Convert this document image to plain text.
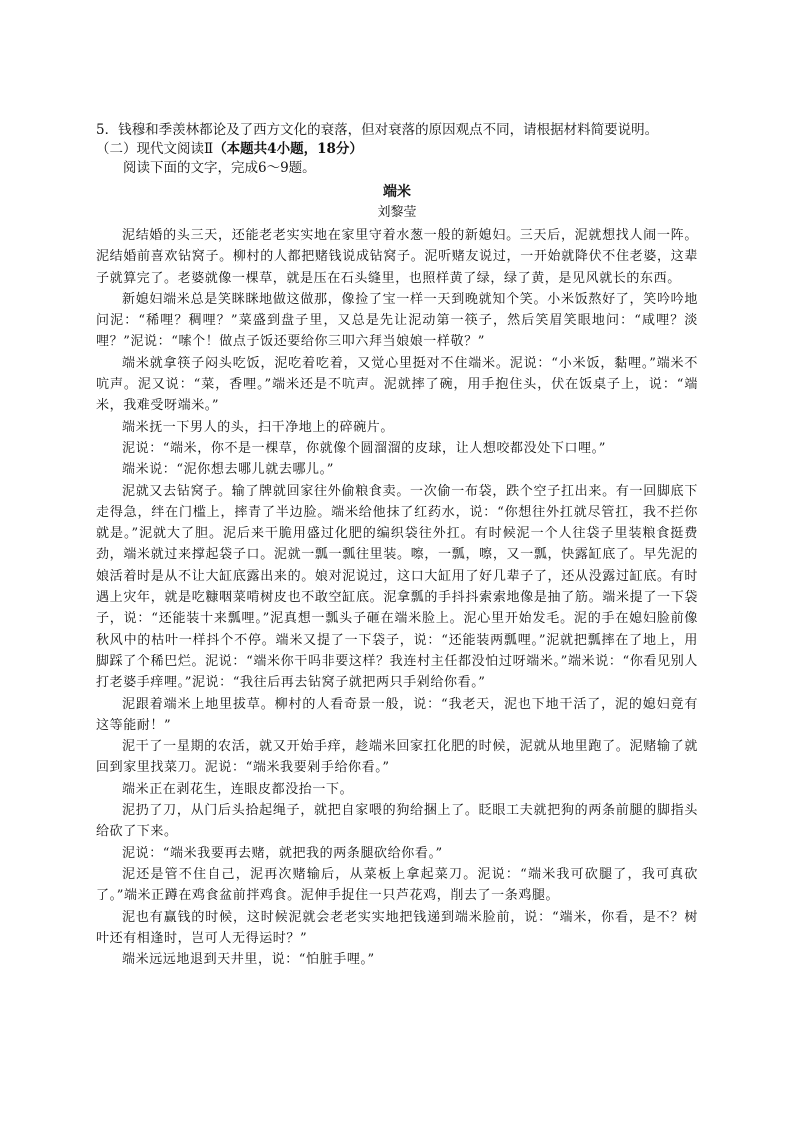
5．钱穆和季羡林都论及了西方文化的衰落，但对衰落的原因观点不同，请根据材料简要说明。

（二）现代文阅读Ⅱ（本题共4小题，18分）

阅读下面的文字，完成6～9题。

端米

刘黎莹

泥结婚的头三天，还能老老实实地在家里守着水葱一般的新媳妇。三天后，泥就想找人闹一阵。泥结婚前喜欢钻窝子。柳村的人都把赌钱说成钻窝子。泥听赌友说过，一开始就降伏不住老婆，这辈子就算完了。老婆就像一棵草，就是压在石头缝里，也照样黄了绿，绿了黄，是见风就长的东西。

新媳妇端米总是笑眯眯地做这做那，像捡了宝一样一天到晚就知个笑。小米饭熬好了，笑吟吟地问泥：“稀哩？稠哩？”菜盛到盘子里，又总是先让泥动第一筷子，然后笑眉笑眼地问：“咸哩？淡哩？”泥说：“嗦个！做点子饭还要给你三叩六拜当娘娘一样敬？”

端米就拿筷子闷头吃饭，泥吃着吃着，又觉心里挺对不住端米。泥说：“小米饭，黏哩。”端米不吭声。泥又说：“菜，香哩。”端米还是不吭声。泥就摔了碗，用手抱住头，伏在饭桌子上，说：“端米，我难受呀端米。”

端米抚一下男人的头，扫干净地上的碎碗片。

泥说：“端米，你不是一棵草，你就像个圆溜溜的皮球，让人想咬都没处下口哩。”

端米说：“泥你想去哪儿就去哪儿。”

泥就又去钻窝子。输了牌就回家往外偷粮食卖。一次偷一布袋，跌个空子扛出来。有一回脚底下走得急，绊在门槛上，摔青了半边脸。端米给他抹了红药水，说：“你想往外扛就尽管扛，我不拦你就是。”泥就大了胆。泥后来干脆用盛过化肥的编织袋往外扛。有时候泥一个人往袋子里装粮食挺费劲，端米就过来撑起袋子口。泥就一瓢一瓢往里装。嚓，一瓢，嚓，又一瓢，快露缸底了。早先泥的娘活着时是从不让大缸底露出来的。娘对泥说过，这口大缸用了好几辈子了，还从没露过缸底。有时遇上灾年，就是吃糠咽菜啃树皮也不敢空缸底。泥拿瓢的手抖抖索索地像是抽了筋。端米提了一下袋子，说：“还能装十来瓢哩。”泥真想一瓢头子砸在端米脸上。泥心里开始发毛。泥的手在媳妇脸前像秋风中的枯叶一样抖个不停。端米又提了一下袋子，说：“还能装两瓢哩。”泥就把瓢摔在了地上，用脚踩了个稀巴烂。泥说：“端米你干吗非要这样？我连村主任都没怕过呀端米。”端米说：“你看见别人打老婆手痒哩。”泥说：“我往后再去钻窝子就把两只手剁给你看。”

泥跟着端米上地里拔草。柳村的人看奇景一般，说：“我老天，泥也下地干活了，泥的媳妇竟有这等能耐！”

泥干了一星期的农活，就又开始手痒，趁端米回家扛化肥的时候，泥就从地里跑了。泥赌输了就回到家里找菜刀。泥说：“端米我要剁手给你看。”

端米正在剥花生，连眼皮都没抬一下。

泥扔了刀，从门后头拾起绳子，就把自家喂的狗给捆上了。眨眼工夫就把狗的两条前腿的脚指头给砍了下来。

泥说：“端米我要再去赌，就把我的两条腿砍给你看。”

泥还是管不住自己，泥再次赌输后，从菜板上拿起菜刀。泥说：“端米我可砍腿了，我可真砍了。”端米正蹲在鸡食盆前拌鸡食。泥伸手捉住一只芦花鸡，削去了一条鸡腿。

泥也有赢钱的时候，这时候泥就会老老实实地把钱递到端米脸前，说：“端米，你看，是不？树叶还有相逢时，岂可人无得运时？”

端米远远地退到天井里，说：“怕脏手哩。”
